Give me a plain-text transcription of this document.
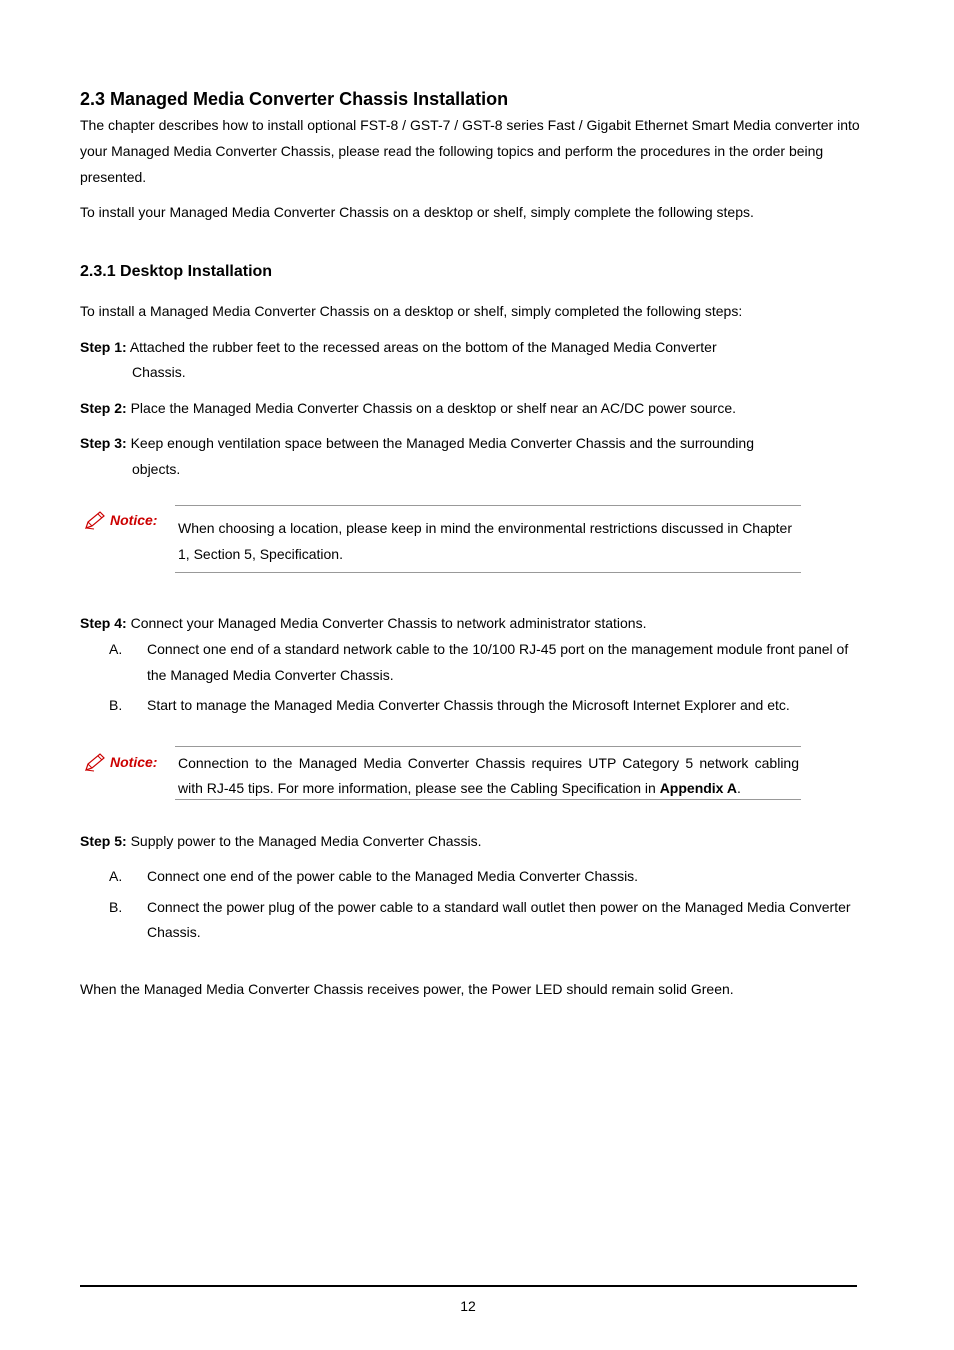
2.3 Managed Media Converter Chassis Installation
The chapter describes how to install optional FST-8 / GST-7 / GST-8 series Fast / Gigabit Ethernet Smart Media converter into your Managed Media Converter Chassis, please read the following topics and perform the procedures in the order being presented.
To install your Managed Media Converter Chassis on a desktop or shelf, simply complete the following steps.
2.3.1 Desktop Installation
To install a Managed Media Converter Chassis on a desktop or shelf, simply completed the following steps:
Step 1: Attached the rubber feet to the recessed areas on the bottom of the Managed Media Converter
Chassis.
Step 2: Place the Managed Media Converter Chassis on a desktop or shelf near an AC/DC power source.
Step 3: Keep enough ventilation space between the Managed Media Converter Chassis and the surrounding
objects.
Notice: When choosing a location, please keep in mind the environmental restrictions discussed in Chapter
1, Section 5, Specification.
Step 4: Connect your Managed Media Converter Chassis to network administrator stations.
A. Connect one end of a standard network cable to the 10/100 RJ-45 port on the management module front panel of
the Managed Media Converter Chassis.
B. Start to manage the Managed Media Converter Chassis through the Microsoft Internet Explorer and etc.
Notice: Connection to the Managed Media Converter Chassis requires UTP Category 5 network cabling
with RJ-45 tips. For more information, please see the Cabling Specification in Appendix A.
Step 5: Supply power to the Managed Media Converter Chassis.
A. Connect one end of the power cable to the Managed Media Converter Chassis.
B. Connect the power plug of the power cable to a standard wall outlet then power on the Managed Media Converter
Chassis.
When the Managed Media Converter Chassis receives power, the Power LED should remain solid Green.
12
